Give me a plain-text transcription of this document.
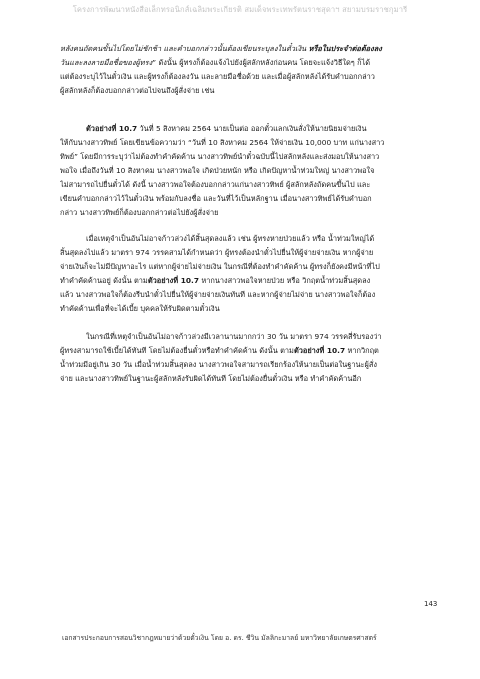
โครงการพัฒนาหนังสือเล็กทรอนิกส์เฉลิมพระเกียรติ สมเด็จพระเทพรัตนราชสุดาฯ สยามบรมราชกุมารี
หลังคนถัดคนขั้นไปโดยไม่ชักช้า และคำบอกกล่าวนั้นต้องเขียนระบุลงในตั๋วเงิน หรือในประจำต่อต้องลง
วันและลงลายมือชื่อของผู้ทรง” ดังนั้น ผู้ทรงก็ต้องแจ้งไปยังผู้สลักหลังก่อนคน โดยจะแจ้งวิธีใดๆ ก็ได้
แต่ต้องระบุไว้ในตั๋วเงิน และผู้ทรงก็ต้องลงวัน และลายมือชื่อด้วย และเมื่อผู้สลักหลังได้รับคำบอกกล่าว
ผู้สลักหลังก็ต้องบอกกล่าวต่อไปจนถึงผู้สั่งจ่าย เช่น
ตัวอย่างที่ 10.7 วันที่ 5 สิงหาคม 2564 นายเป็นต่อ ออกตั๋วแลกเงินสั่งให้นายนิยมจ่ายเงิน
ให้กับนางสาวทิพย์ โดยเขียนข้อความว่า “วันที่ 10 สิงหาคม 2564 ให้จ่ายเงิน 10,000 บาท แก่นางสาว
ทิพย์” โดยมีการระบุว่าไม่ต้องทำคำคัดค้าน นางสาวทิพย์นำตั๋วฉบับนี้ไปสลักหลังและส่งมอบให้นางสาว
พอใจ เมื่อถึงวันที่ 10 สิงหาคม นางสาวพอใจ เกิดป่วยหนัก หรือ เกิดปัญหาน้ำท่วมใหญ่ นางสาวพอใจ
ไม่สามารถไปยื่นตั๋วได้ ดังนี้ นางสาวพอใจต้องบอกกล่าวแก่นางสาวทิพย์ ผู้สลักหลังถัดคนขึ้นไป และ
เขียนคำบอกกล่าวไว้ในตั๋วเงิน พร้อมกับลงชื่อ และวันที่ไว้เป็นหลักฐาน เมื่อนางสาวทิพย์ได้รับคำบอก
กล่าว นางสาวทิพย์ก็ต้องบอกกล่าวต่อไปยังผู้สั่งจ่าย
เมื่อเหตุจำเป็นอันไม่อาจก้าวล่วงได้สิ้นสุดลงแล้ว เช่น ผู้ทรงหายป่วยแล้ว หรือ น้ำท่วมใหญ่ได้
สิ้นสุดลงไปแล้ว มาตรา 974 วรรคสามได้กำหนดว่า ผู้ทรงต้องนำตั๋วไปยื่นให้ผู้จ่ายจ่ายเงิน หากผู้จ่าย
จ่ายเงินก็จะไม่มีปัญหาอะไร แต่หากผู้จ่ายไม่จ่ายเงิน ในกรณีที่ต้องทำคำคัดค้าน ผู้ทรงก็ยังคงมีหน้าที่ไป
ทำคำคัดค้านอยู่ ดังนั้น ตามตัวอย่างที่ 10.7 หากนางสาวพอใจหายป่วย หรือ วิกฤตน้ำท่วมสิ้นสุดลง
แล้ว นางสาวพอใจก็ต้องรีบนำตั๋วไปยื่นให้ผู้จ่ายจ่ายเงินทันที และหากผู้จ่ายไม่จ่าย นางสาวพอใจก็ต้อง
ทำคัดค้านเพื่อที่จะได้เบี้ย บุคคลให้รับผิดตามตั๋วเงิน
ในกรณีที่เหตุจำเป็นอันไม่อาจก้าวล่วงมีเวลานานมากกว่า 30 วัน มาตรา 974 วรรคสี่รับรองว่า
ผู้ทรงสามารถใช้เบี้ยได้ทันที โดยไม่ต้องยื่นตั๋วหรือทำคำคัดค้าน ดังนั้น ตามตัวอย่างที่ 10.7 หากวิกฤต
น้ำท่วมมีอยู่เกิน 30 วัน เมื่อน้ำท่วมสิ้นสุดลง นางสาวพอใจสามารถเรียกร้องให้นายเป็นต่อในฐานะผู้สั่ง
จ่าย และนางสาวทิพย์ในฐานะผู้สลักหลังรับผิดได้ทันที โดยไม่ต้องยื่นตั๋วเงิน หรือ ทำคำคัดค้านอีก
143
เอกสารประกอบการสอนวิชากฎหมายว่าด้วยตั๋วเงิน โดย อ. ดร. ชีวิน มัลลิกะมาลย์ มหาวิทยาลัยเกษตรศาสตร์
